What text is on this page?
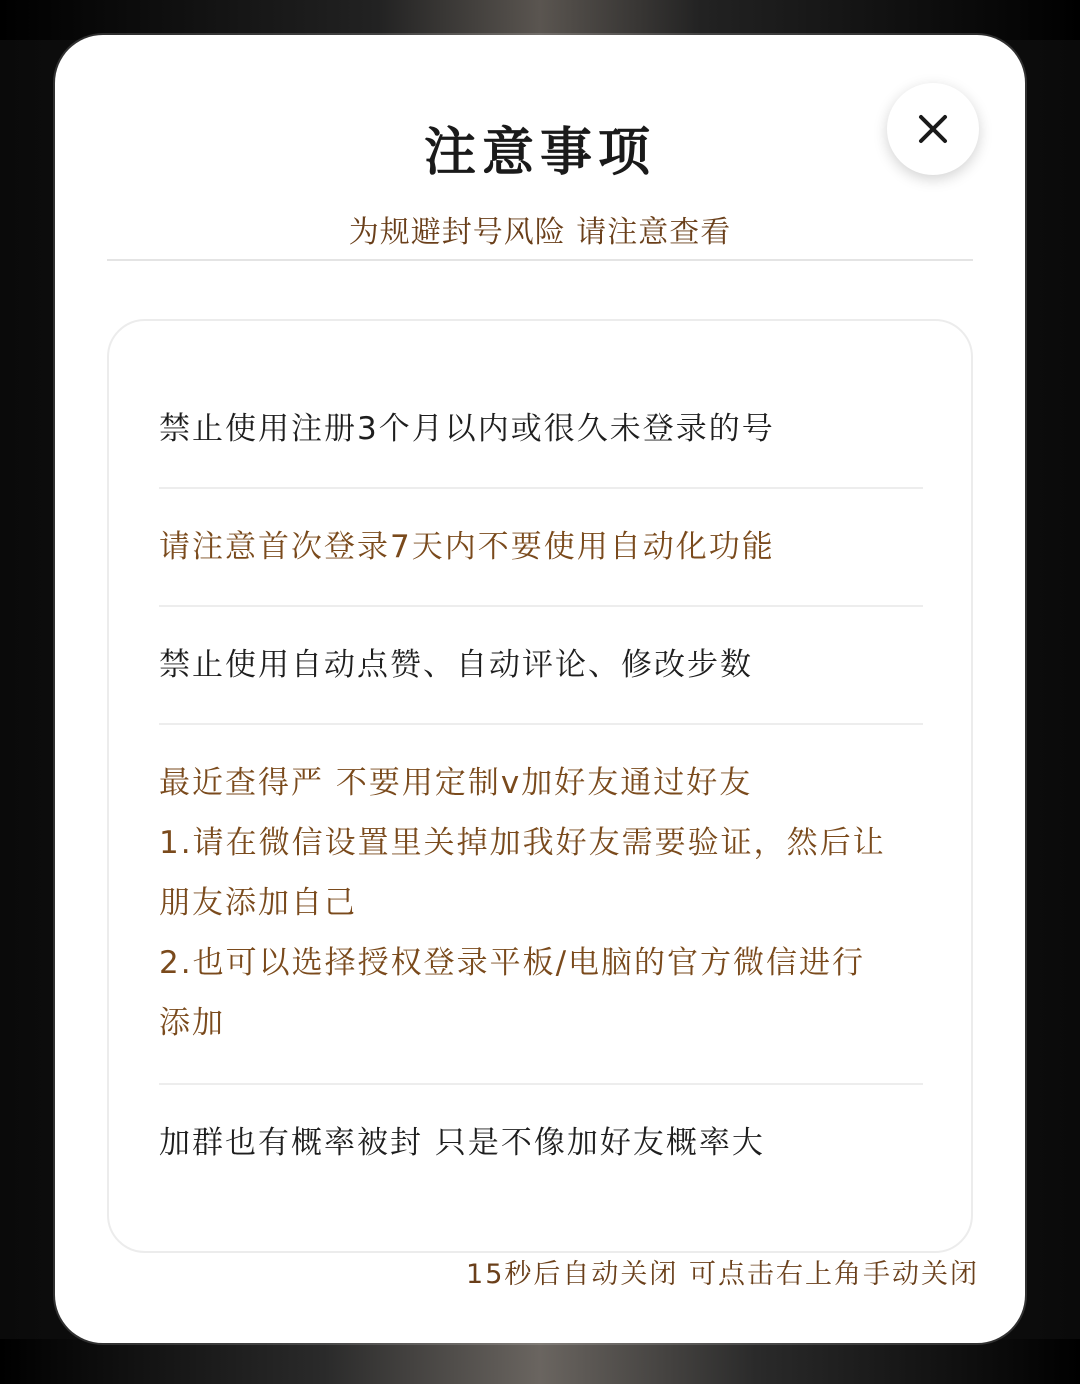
注意事项
为规避封号风险 请注意查看
禁止使用注册3个月以内或很久未登录的号
请注意首次登录7天内不要使用自动化功能
禁止使用自动点赞、自动评论、修改步数
最近查得严 不要用定制v加好友通过好友
1.请在微信设置里关掉加我好友需要验证，然后让
朋友添加自己
2.也可以选择授权登录平板/电脑的官方微信进行
添加
加群也有概率被封 只是不像加好友概率大
15秒后自动关闭 可点击右上角手动关闭
